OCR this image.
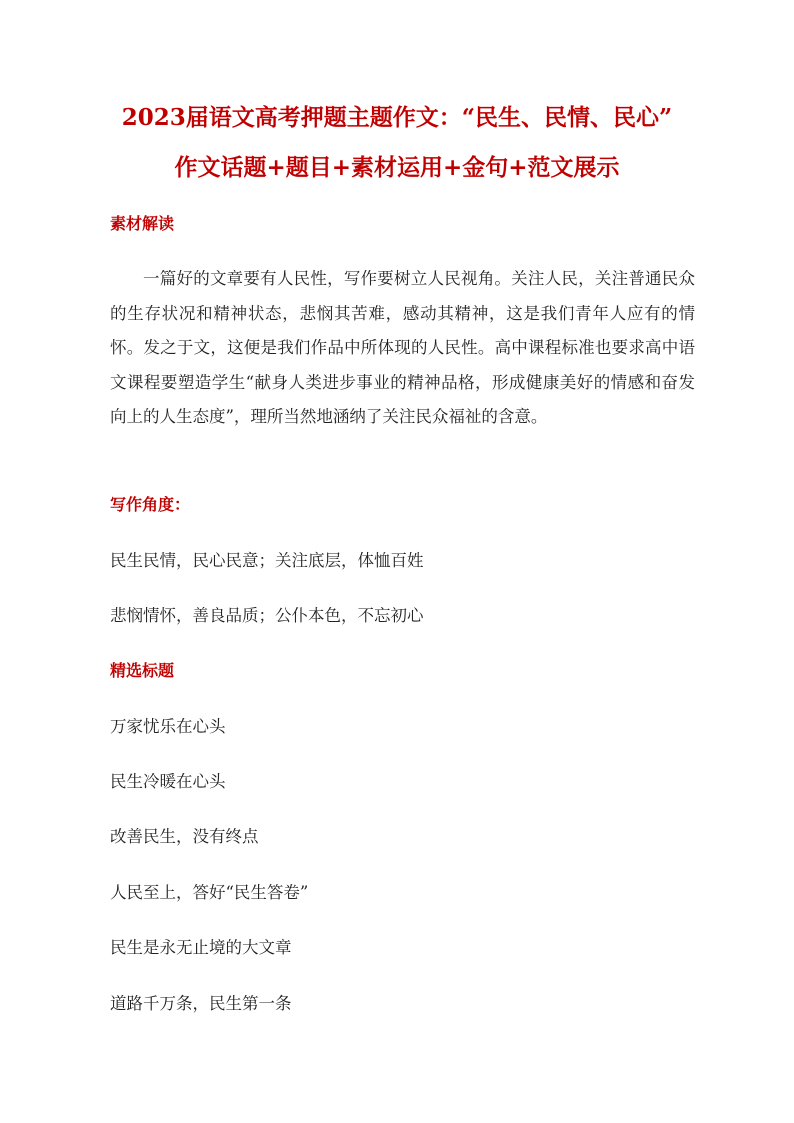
2023届语文高考押题主题作文：“民生、民情、民心”
作文话题+题目+素材运用+金句+范文展示
素材解读
一篇好的文章要有人民性，写作要树立人民视角。关注人民，关注普通民众的生存状况和精神状态，悲悯其苦难，感动其精神，这是我们青年人应有的情怀。发之于文，这便是我们作品中所体现的人民性。高中课程标准也要求高中语文课程要塑造学生“献身人类进步事业的精神品格，形成健康美好的情感和奋发向上的人生态度”，理所当然地涵纳了关注民众福祉的含意。
写作角度：
民生民情，民心民意；关注底层，体恤百姓
悲悯情怀，善良品质；公仆本色，不忘初心
精选标题
万家忧乐在心头
民生冷暖在心头
改善民生，没有终点
人民至上，答好“民生答卷”
民生是永无止境的大文章
道路千万条，民生第一条
